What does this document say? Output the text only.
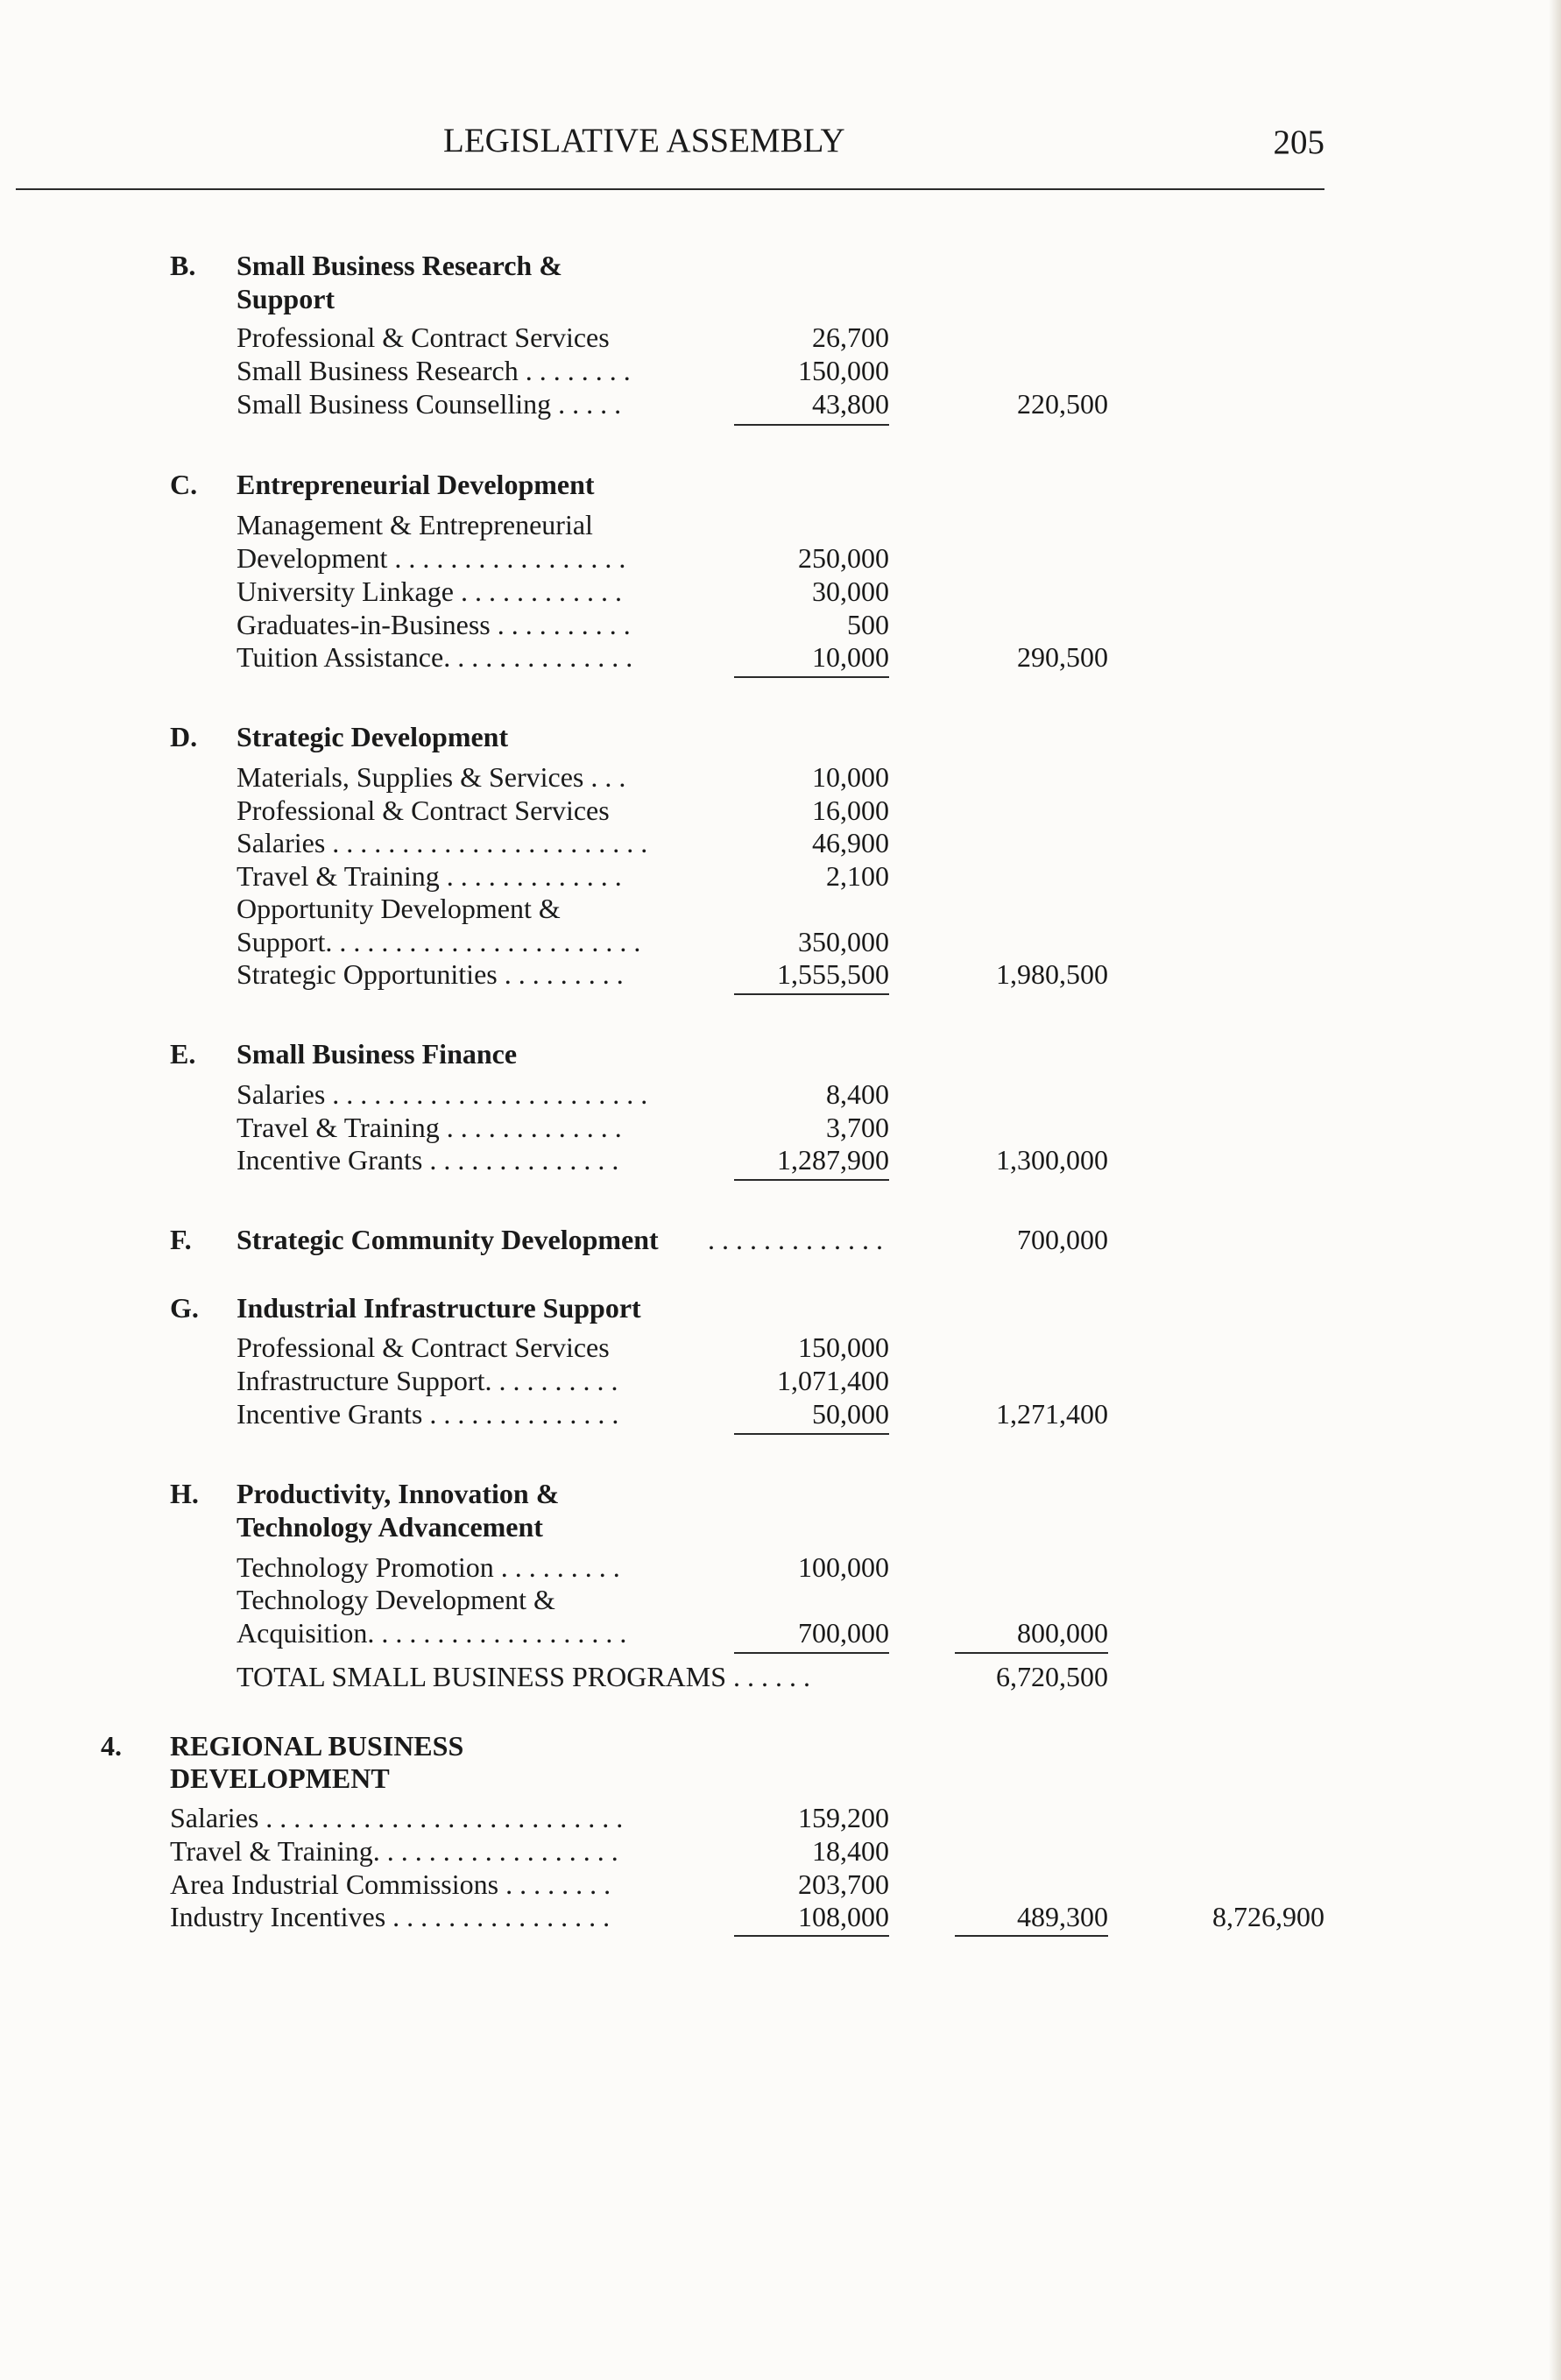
LEGISLATIVE ASSEMBLY	205
B. Small Business Research &
Support
Professional & Contract Services	26,700
Small Business Research . . . . . . . .	150,000
Small Business Counselling . . . . .	43,800	220,500
C. Entrepreneurial Development
Management & Entrepreneurial
Development . . . . . . . . . . . . . . . . .	250,000
University Linkage . . . . . . . . . . . .	30,000
Graduates-in-Business . . . . . . . . . .	500
Tuition Assistance. . . . . . . . . . . . . .	10,000	290,500
D. Strategic Development
Materials, Supplies & Services . . .	10,000
Professional & Contract Services	16,000
Salaries . . . . . . . . . . . . . . . . . . . . . . .	46,900
Travel & Training . . . . . . . . . . . . .	2,100
Opportunity Development &
Support. . . . . . . . . . . . . . . . . . . . . . .	350,000
Strategic Opportunities . . . . . . . . .	1,555,500	1,980,500
E. Small Business Finance
Salaries . . . . . . . . . . . . . . . . . . . . . . .	8,400
Travel & Training . . . . . . . . . . . . .	3,700
Incentive Grants . . . . . . . . . . . . . .	1,287,900	1,300,000
F. Strategic Community Development . . . . . . . . . . . . .	700,000
G. Industrial Infrastructure Support
Professional & Contract Services	150,000
Infrastructure Support. . . . . . . . . .	1,071,400
Incentive Grants . . . . . . . . . . . . . .	50,000	1,271,400
H. Productivity, Innovation &
Technology Advancement
Technology Promotion . . . . . . . . .	100,000
Technology Development &
Acquisition. . . . . . . . . . . . . . . . . . .	700,000	800,000
TOTAL SMALL BUSINESS PROGRAMS . . . . . .	6,720,500
4. REGIONAL BUSINESS
DEVELOPMENT
Salaries . . . . . . . . . . . . . . . . . . . . . . . . . .	159,200
Travel & Training. . . . . . . . . . . . . . . . . .	18,400
Area Industrial Commissions . . . . . . . .	203,700
Industry Incentives . . . . . . . . . . . . . . . .	108,000	489,300	8,726,900
